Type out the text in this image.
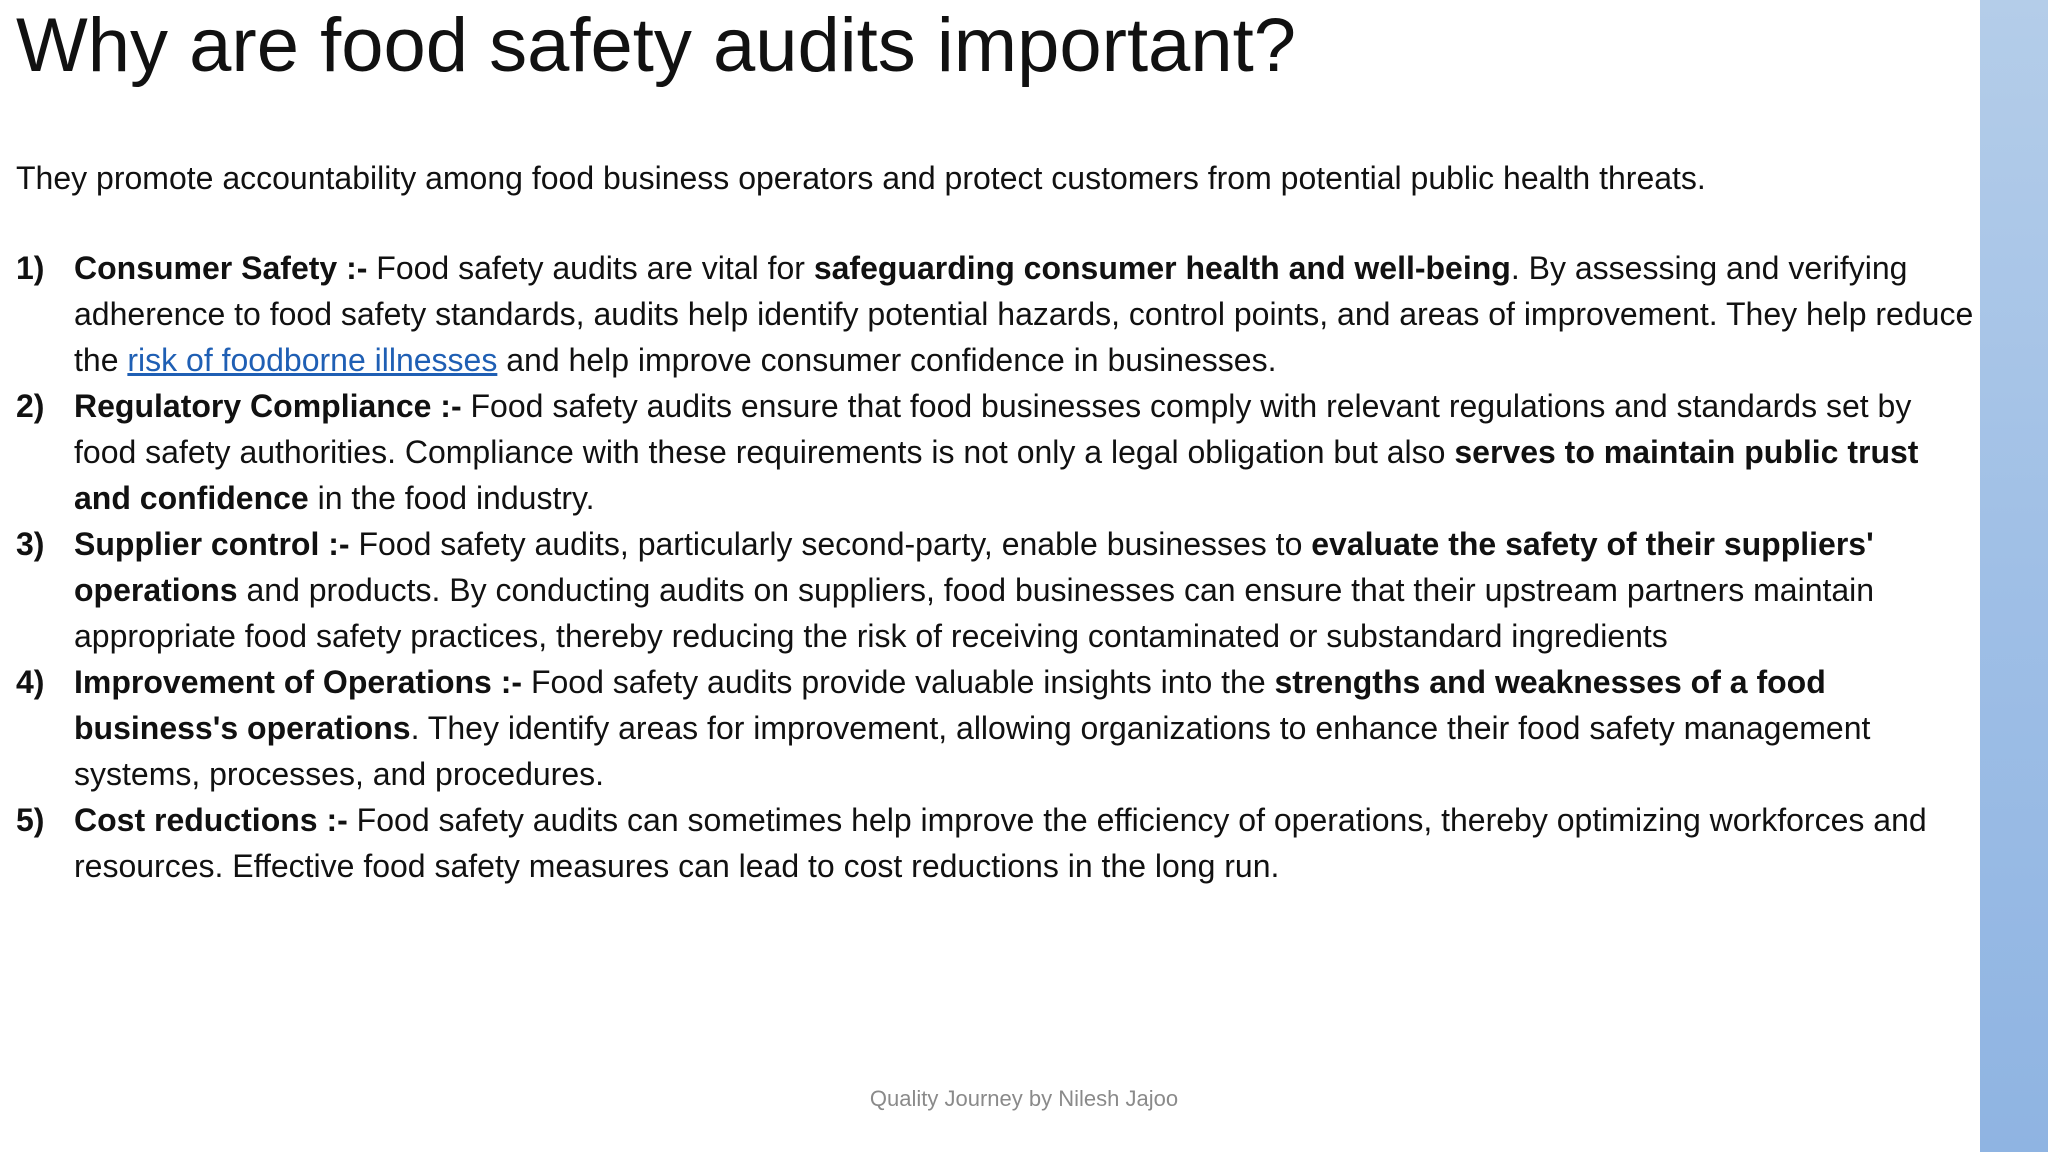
Why are food safety audits important?

They promote accountability among food business operators and protect customers from potential public health threats.

1) Consumer Safety :- Food safety audits are vital for safeguarding consumer health and well-being. By assessing and verifying adherence to food safety standards, audits help identify potential hazards, control points, and areas of improvement. They help reduce the risk of foodborne illnesses and help improve consumer confidence in businesses.
2) Regulatory Compliance :- Food safety audits ensure that food businesses comply with relevant regulations and standards set by food safety authorities. Compliance with these requirements is not only a legal obligation but also serves to maintain public trust and confidence in the food industry.
3) Supplier control :- Food safety audits, particularly second-party, enable businesses to evaluate the safety of their suppliers' operations and products. By conducting audits on suppliers, food businesses can ensure that their upstream partners maintain appropriate food safety practices, thereby reducing the risk of receiving contaminated or substandard ingredients
4) Improvement of Operations :- Food safety audits provide valuable insights into the strengths and weaknesses of a food business's operations. They identify areas for improvement, allowing organizations to enhance their food safety management systems, processes, and procedures.
5) Cost reductions :- Food safety audits can sometimes help improve the efficiency of operations, thereby optimizing workforces and resources. Effective food safety measures can lead to cost reductions in the long run.
Quality Journey by Nilesh Jajoo
